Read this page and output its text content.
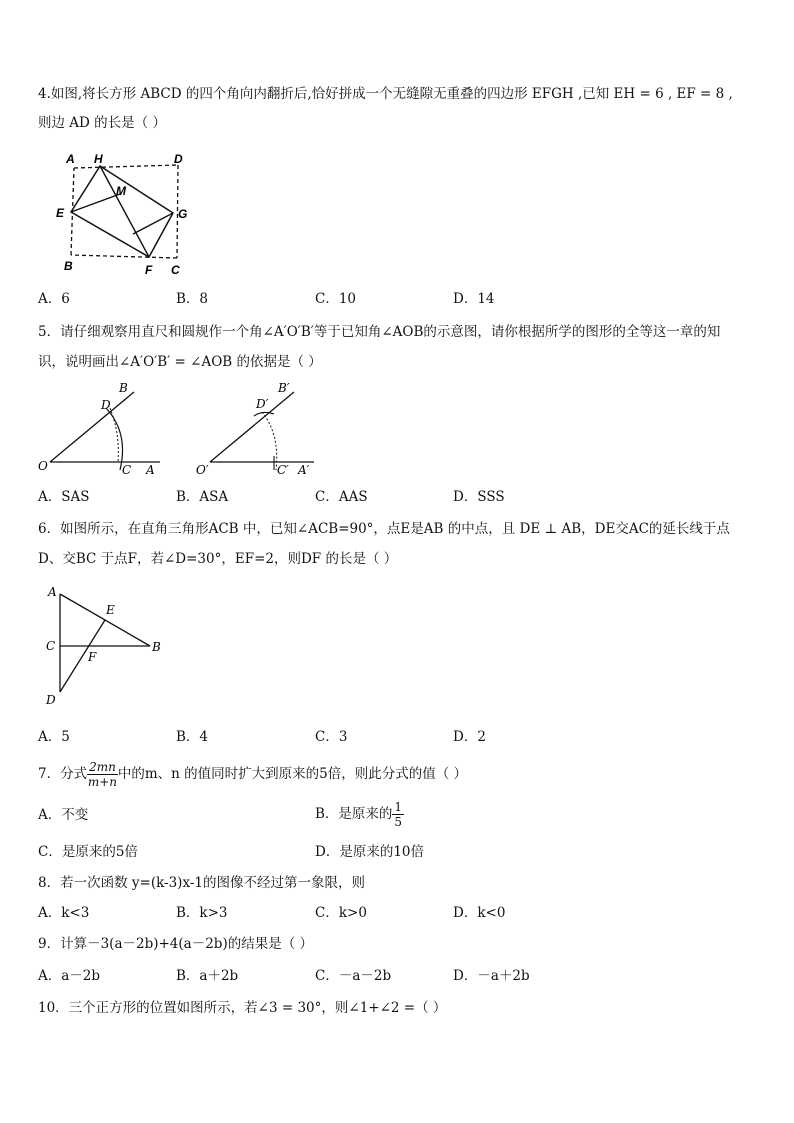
4.如图,将长方形 ABCD 的四个角向内翻折后,恰好拼成一个无缝隙无重叠的四边形 EFGH ,已知 EH = 6 , EF = 8 ,
则边 AD 的长是（ ）
A H	D
M
E	G
B	F C
A．6	B．8	C．10	D．14
5．请仔细观察用直尺和圆规作一个角∠A′O′B′等于已知角∠AOB的示意图，请你根据所学的图形的全等这一章的知
识，说明画出∠A′O′B′ = ∠AOB 的依据是（ ）
B
D
O	C A
B′
D′
O′	C′ A′
A．SAS	B．ASA	C．AAS	D．SSS
6．如图所示，在直角三角形ACB 中，已知∠ACB=90°，点E是AB 的中点，且 DE ⊥ AB，DE交AC的延长线于点
D、交BC 于点F，若∠D=30°，EF=2，则DF 的长是（ ）
A
E
C	B
F
D
A．5	B．4	C．3	D．2
7．分式 $\frac{2mn}{m+n}$ 中的m、n 的值同时扩大到原来的5倍，则此分式的值（ ）
A．不变	B．是原来的 $\frac{1}{5}$
C．是原来的5倍	D．是原来的10倍
8．若一次函数 y=(k-3)x-1的图像不经过第一象限，则
A．k<3	B．k>3	C．k>0	D．k<0
9．计算－3(a－2b)+4(a－2b)的结果是（ ）
A．a－2b	B．a＋2b	C．－a－2b	D．－a＋2b
10．三个正方形的位置如图所示，若∠3 = 30°，则∠1+∠2 =（ ）
